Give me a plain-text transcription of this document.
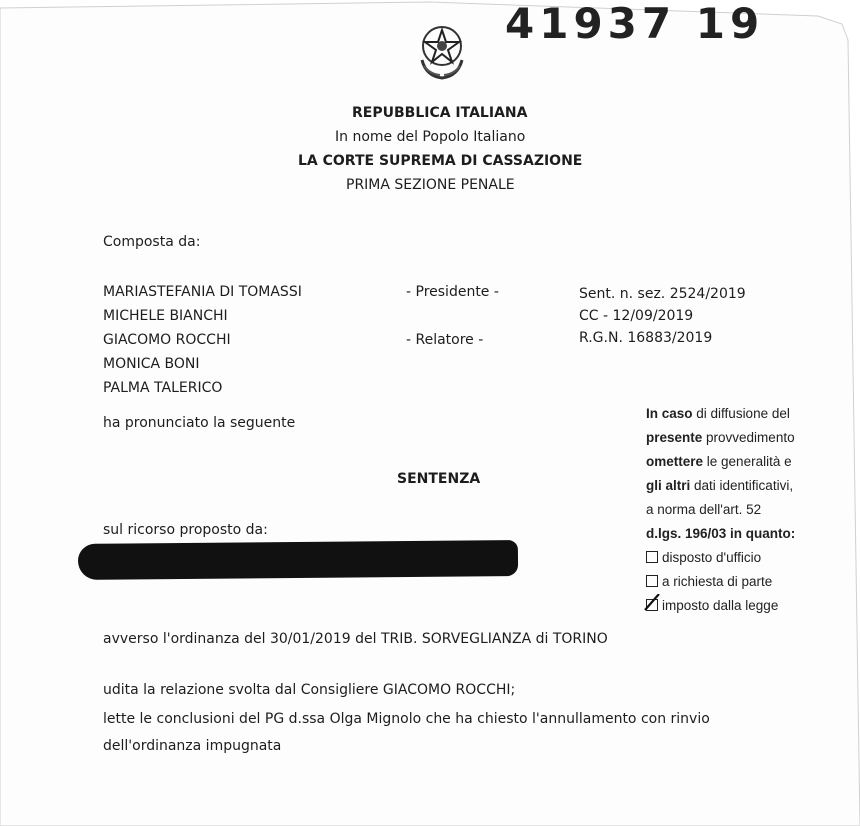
41937 19
REPUBBLICA ITALIANA
In nome del Popolo Italiano
LA CORTE SUPREMA DI CASSAZIONE
PRIMA SEZIONE PENALE
Composta da:
MARIASTEFANIA DI TOMASSI
MICHELE BIANCHI
GIACOMO ROCCHI
MONICA BONI
PALMA TALERICO
- Presidente -
- Relatore -
Sent. n. sez. 2524/2019
CC - 12/09/2019
R.G.N. 16883/2019
ha pronunciato la seguente
SENTENZA
sul ricorso proposto da:
avverso l'ordinanza del 30/01/2019 del TRIB. SORVEGLIANZA di TORINO
udita la relazione svolta dal Consigliere GIACOMO ROCCHI;
lette le conclusioni del PG d.ssa Olga Mignolo che ha chiesto l'annullamento con rinvio
dell'ordinanza impugnata
In caso di diffusione del
presente provvedimento
omettere le generalità e
gli altri dati identificativi,
a norma dell'art. 52
d.lgs. 196/03 in quanto:
disposto d'ufficio
a richiesta di parte
imposto dalla legge
